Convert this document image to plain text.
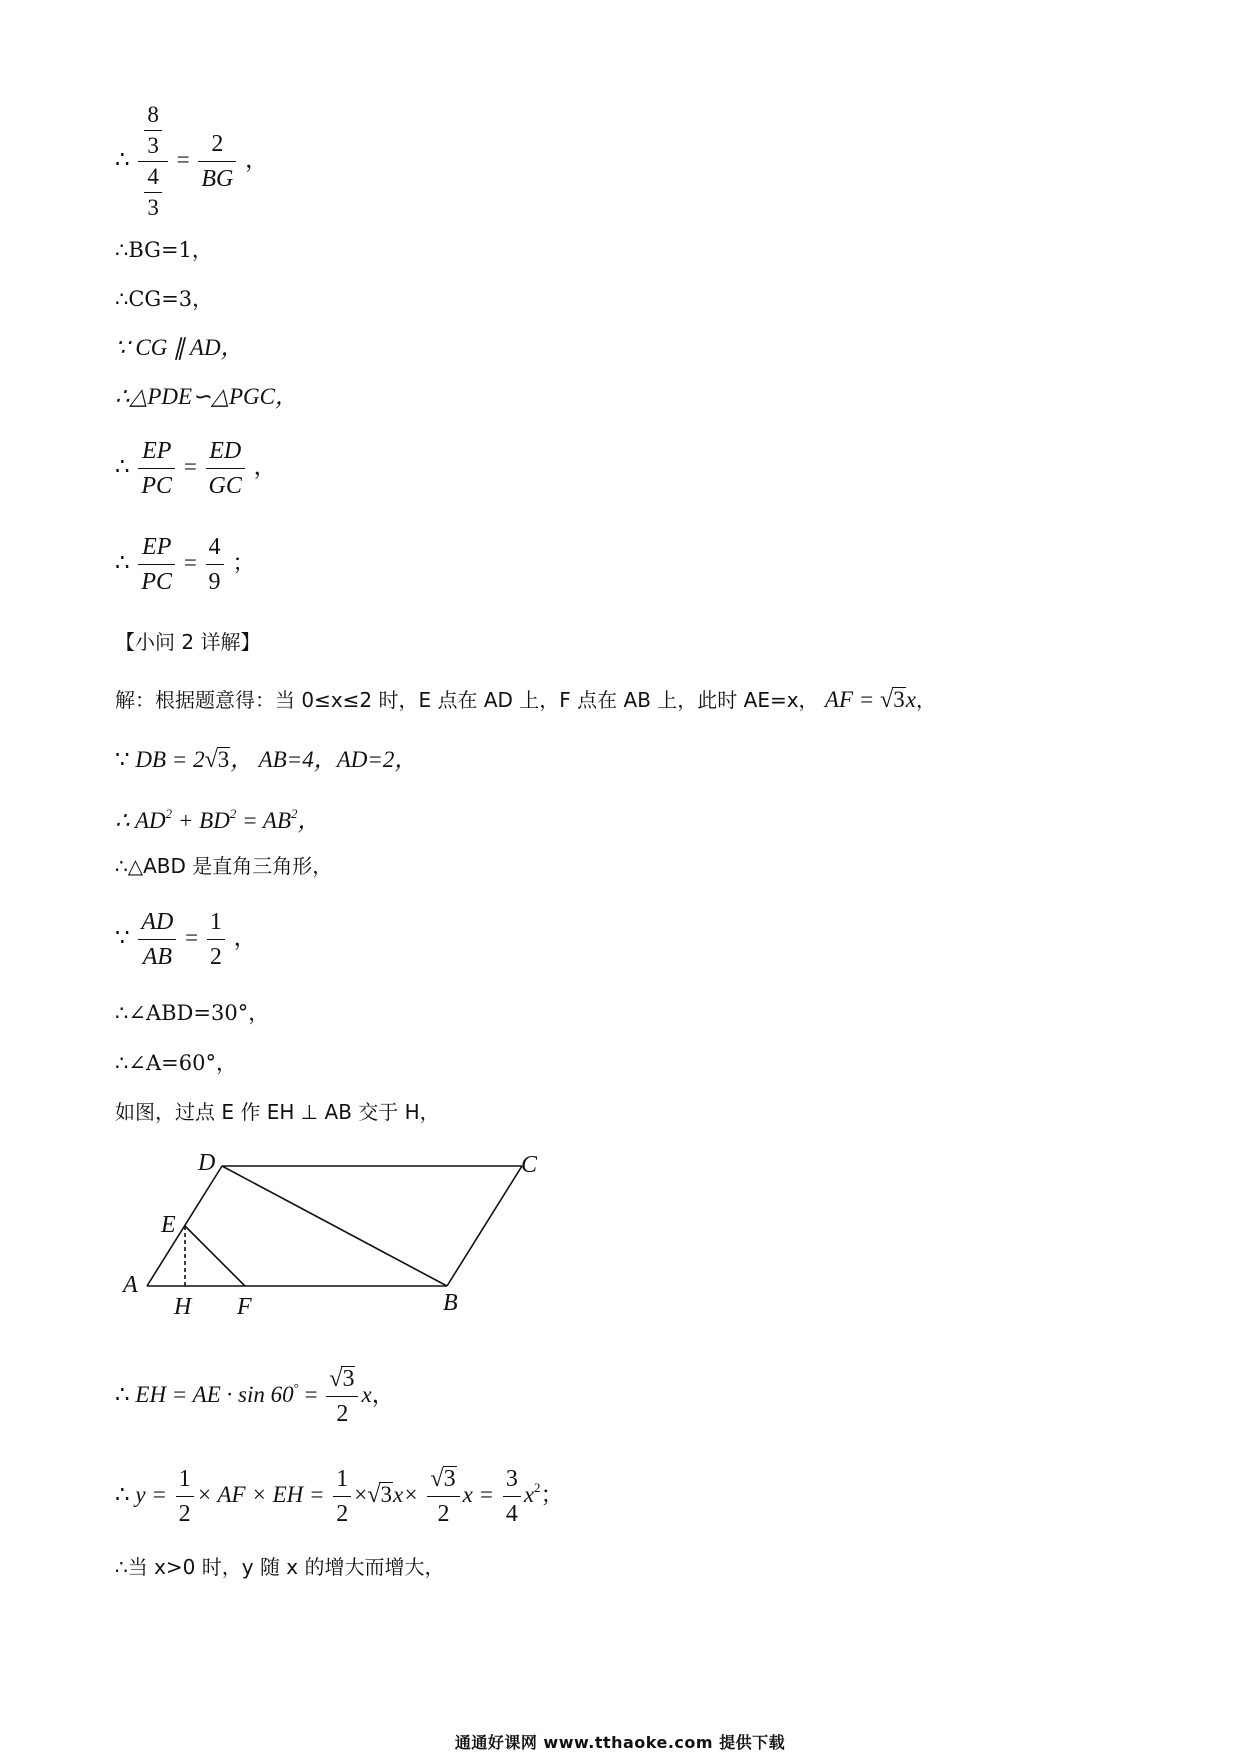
∴ $\frac{\frac{8}{3}}{\frac{4}{3}} = \frac{2}{BG}$ ，
∴BG=1，
∴CG=3，
∵ CG ∥ AD，
∴△PDE∽△PGC，
∴ $\frac{EP}{PC} = \frac{ED}{GC}$ ，
∴ $\frac{EP}{PC} = \frac{4}{9}$ ；
【小问 2 详解】
解：根据题意得：当 0≤x≤2 时，E 点在 AD 上，F 点在 AB 上，此时 AE=x， AF = √3x，
∵ DB = 2√3， AB=4，AD=2，
∴ $AD^2 + BD^2 = AB^2$，
∴△ABD 是直角三角形，
∵ $\frac{AD}{AB} = \frac{1}{2}$ ，
∴∠ABD=30°，
∴∠A=60°，
如图，过点 E 作 EH ⊥ AB 交于 H，
A
B
C
D
E
F
H
∴ EH = AE · $\sin 60^\circ = \frac{√3}{2}$ x，
∴ $y = \frac{1}{2}$ × AF × EH = $\frac{1}{2} \times√3x\times \frac{√3}{2}$ $x = \frac{3}{4} x^2$；
∴当 x>0 时，y 随 x 的增大而增大，
通通好课网 www.tthaoke.com 提供下载
